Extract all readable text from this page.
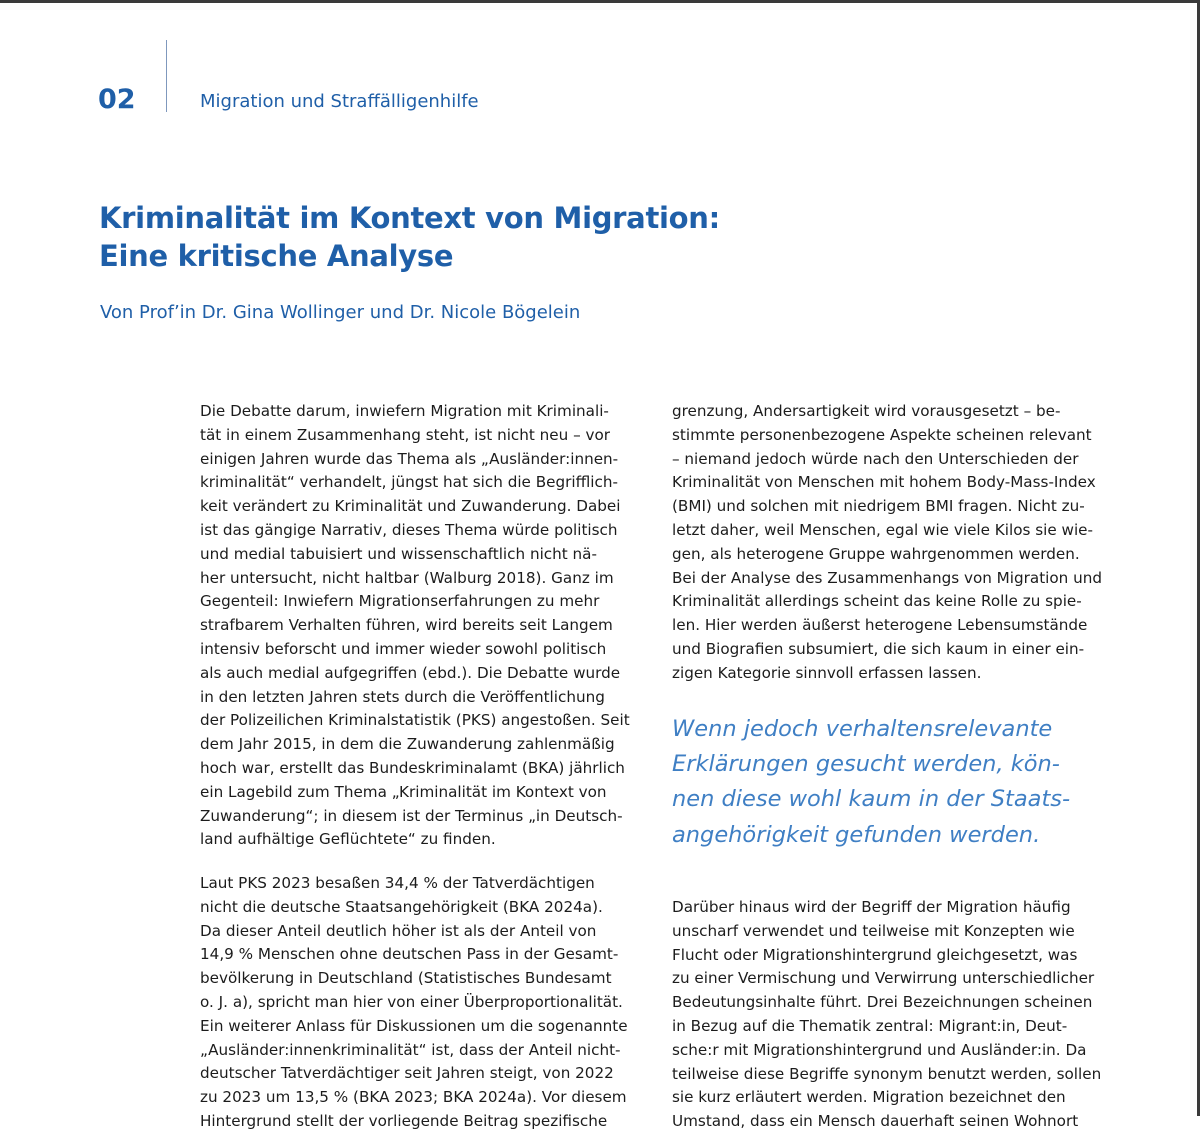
02	Migration und Straffälligenhilfe
Kriminalität im Kontext von Migration:
Eine kritische Analyse
Von Prof’in Dr. Gina Wollinger und Dr. Nicole Bögelein
Die Debatte darum, inwiefern Migration mit Kriminali-
tät in einem Zusammenhang steht, ist nicht neu – vor
einigen Jahren wurde das Thema als „Ausländer:innen-
kriminalität“ verhandelt, jüngst hat sich die Begrifflich-
keit verändert zu Kriminalität und Zuwanderung. Dabei
ist das gängige Narrativ, dieses Thema würde politisch
und medial tabuisiert und wissenschaftlich nicht nä-
her untersucht, nicht haltbar (Walburg 2018). Ganz im
Gegenteil: Inwiefern Migrationserfahrungen zu mehr
strafbarem Verhalten führen, wird bereits seit Langem
intensiv beforscht und immer wieder sowohl politisch
als auch medial aufgegriffen (ebd.). Die Debatte wurde
in den letzten Jahren stets durch die Veröffentlichung
der Polizeilichen Kriminalstatistik (PKS) angestoßen. Seit
dem Jahr 2015, in dem die Zuwanderung zahlenmäßig
hoch war, erstellt das Bundeskriminalamt (BKA) jährlich
ein Lagebild zum Thema „Kriminalität im Kontext von
Zuwanderung“; in diesem ist der Terminus „in Deutsch-
land aufhältige Geflüchtete“ zu finden.
Laut PKS 2023 besaßen 34,4 % der Tatverdächtigen
nicht die deutsche Staatsangehörigkeit (BKA 2024a).
Da dieser Anteil deutlich höher ist als der Anteil von
14,9 % Menschen ohne deutschen Pass in der Gesamt-
bevölkerung in Deutschland (Statistisches Bundesamt
o. J. a), spricht man hier von einer Überproportionalität.
Ein weiterer Anlass für Diskussionen um die sogenannte
„Ausländer:innenkriminalität“ ist, dass der Anteil nicht-
deutscher Tatverdächtiger seit Jahren steigt, von 2022
zu 2023 um 13,5 % (BKA 2023; BKA 2024a). Vor diesem
Hintergrund stellt der vorliegende Beitrag spezifische
grenzung, Andersartigkeit wird vorausgesetzt – be-
stimmte personenbezogene Aspekte scheinen relevant
– niemand jedoch würde nach den Unterschieden der
Kriminalität von Menschen mit hohem Body-Mass-Index
(BMI) und solchen mit niedrigem BMI fragen. Nicht zu-
letzt daher, weil Menschen, egal wie viele Kilos sie wie-
gen, als heterogene Gruppe wahrgenommen werden.
Bei der Analyse des Zusammenhangs von Migration und
Kriminalität allerdings scheint das keine Rolle zu spie-
len. Hier werden äußerst heterogene Lebensumstände
und Biografien subsumiert, die sich kaum in einer ein-
zigen Kategorie sinnvoll erfassen lassen.
Wenn jedoch verhaltensrelevante
Erklärungen gesucht werden, kön-
nen diese wohl kaum in der Staats-
angehörigkeit gefunden werden.
Darüber hinaus wird der Begriff der Migration häufig
unscharf verwendet und teilweise mit Konzepten wie
Flucht oder Migrationshintergrund gleichgesetzt, was
zu einer Vermischung und Verwirrung unterschiedlicher
Bedeutungsinhalte führt. Drei Bezeichnungen scheinen
in Bezug auf die Thematik zentral: Migrant:in, Deut-
sche:r mit Migrationshintergrund und Ausländer:in. Da
teilweise diese Begriffe synonym benutzt werden, sollen
sie kurz erläutert werden. Migration bezeichnet den
Umstand, dass ein Mensch dauerhaft seinen Wohnort
